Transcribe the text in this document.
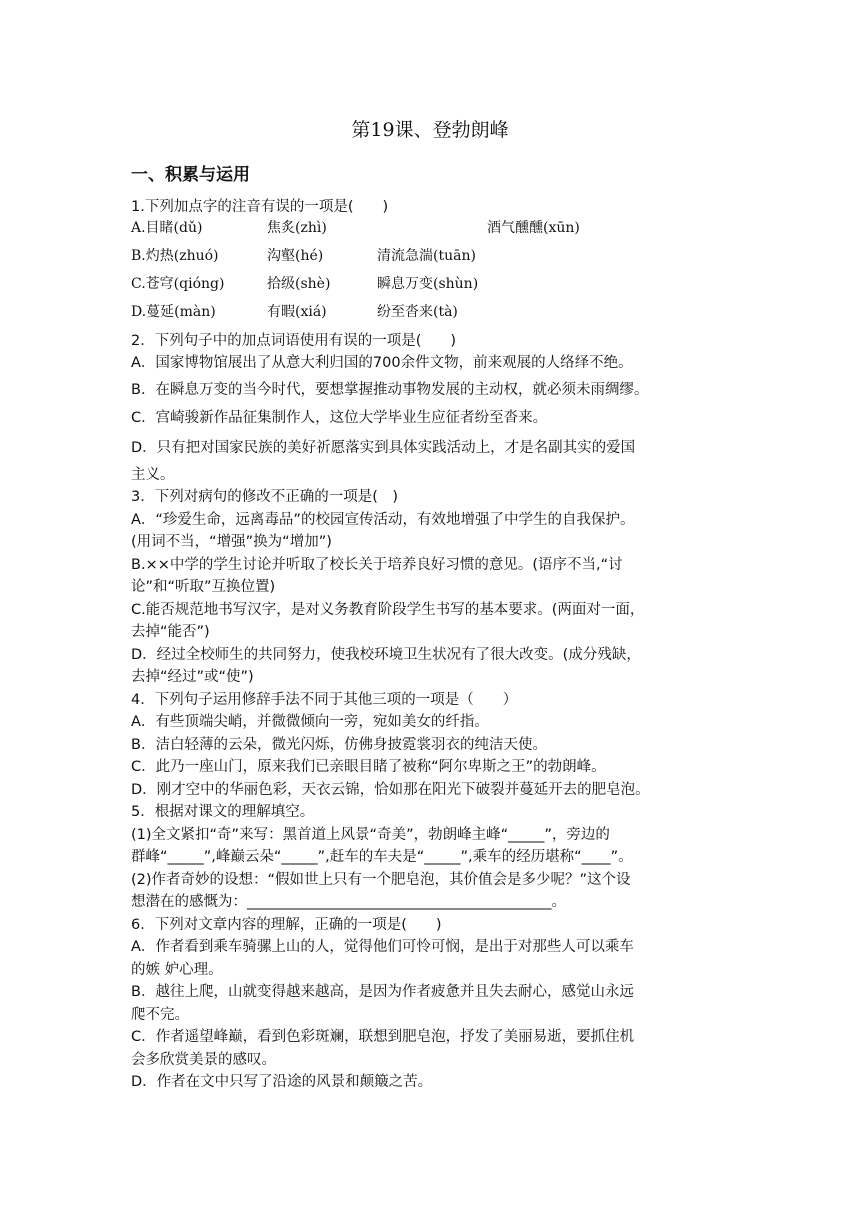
第19课、登勃朗峰
一、积累与运用
1.下列加点字的注音有误的一项是(　　)
A.目睹(dǔ)	焦炙(zhì)	酒气醺醺(xūn)
B.灼热(zhuó)	沟壑(hé)	清流急湍(tuān)
C.苍穹(qióng)	拾级(shè)	瞬息万变(shùn)
D.蔓延(màn)	有暇(xiá)	纷至沓来(tà)
2．下列句子中的加点词语使用有误的一项是(　　)
A．国家博物馆展出了从意大利归国的700余件文物，前来观展的人络绎不绝。
B．在瞬息万变的当今时代，要想掌握推动事物发展的主动权，就必须未雨绸缪。
C．宫崎骏新作品征集制作人，这位大学毕业生应征者纷至沓来。
D．只有把对国家民族的美好祈愿落实到具体实践活动上，才是名副其实的爱国
主义。
3．下列对病句的修改不正确的一项是(　)
A．“珍爱生命，远离毒品”的校园宣传活动，有效地增强了中学生的自我保护。
(用词不当，“增强”换为“增加”)
B.××中学的学生讨论并听取了校长关于培养良好习惯的意见。(语序不当,“讨
论”和“听取”互换位置)
C.能否规范地书写汉字，是对义务教育阶段学生书写的基本要求。(两面对一面，
去掉“能否”)
D．经过全校师生的共同努力，使我校环境卫生状况有了很大改变。(成分残缺，
去掉“经过”或“使”)
4．下列句子运用修辞手法不同于其他三项的一项是（　　）
A．有些顶端尖峭，并微微倾向一旁，宛如美女的纤指。
B．洁白轻薄的云朵，微光闪烁，仿佛身披霓裳羽衣的纯洁天使。
C．此乃一座山门，原来我们已亲眼目睹了被称“阿尔卑斯之王”的勃朗峰。
D．刚才空中的华丽色彩，天衣云锦，恰如那在阳光下破裂并蔓延开去的肥皂泡。
5．根据对课文的理解填空。
(1)全文紧扣“奇”来写：黑首道上风景“奇美”，勃朗峰主峰“_____”，旁边的
群峰“_____”,峰巅云朵“_____”,赶车的车夫是“_____”,乘车的经历堪称“____”。
(2)作者奇妙的设想：“假如世上只有一个肥皂泡，其价值会是多少呢？”这个设
想潜在的感慨为：__________________________________________。
6．下列对文章内容的理解，正确的一项是(　　)
A．作者看到乘车骑骡上山的人，觉得他们可怜可悯，是出于对那些人可以乘车
的嫉 妒心理。
B．越往上爬，山就变得越来越高，是因为作者疲惫并且失去耐心，感觉山永远
爬不完。
C．作者遥望峰巅，看到色彩斑斓，联想到肥皂泡，抒发了美丽易逝，要抓住机
会多欣赏美景的感叹。
D．作者在文中只写了沿途的风景和颠簸之苦。
